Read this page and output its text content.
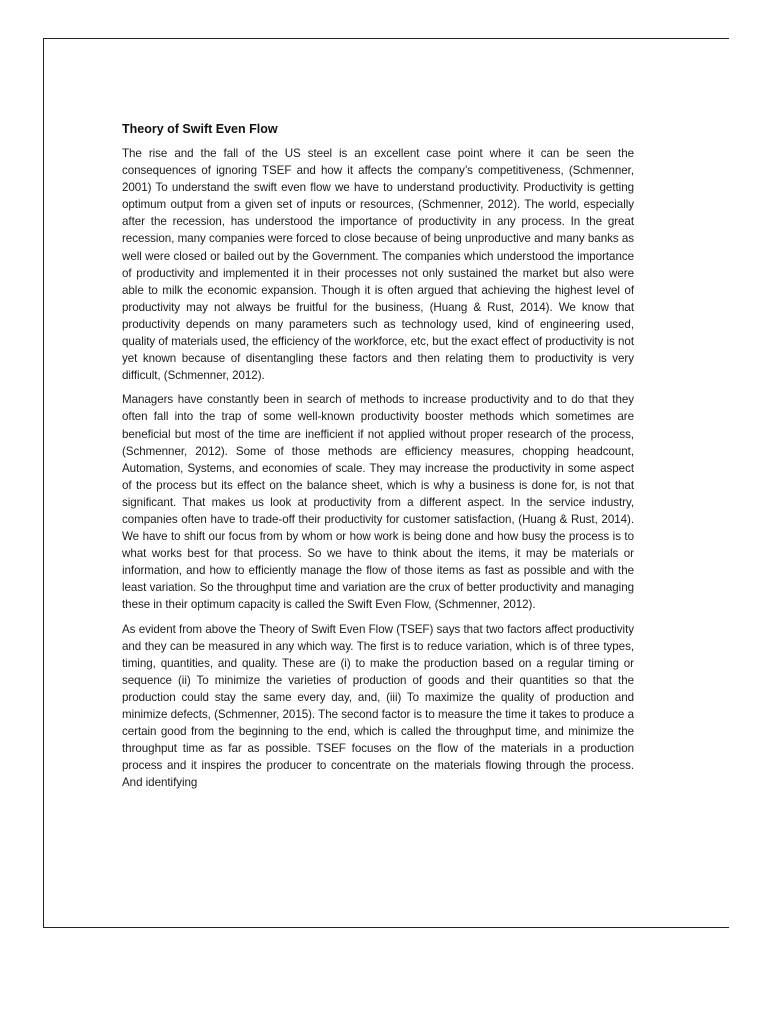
Theory of Swift Even Flow

The rise and the fall of the US steel is an excellent case point where it can be seen the consequences of ignoring TSEF and how it affects the company’s competitiveness, (Schmenner, 2001) To understand the swift even flow we have to understand productivity. Productivity is getting optimum output from a given set of inputs or resources, (Schmenner, 2012). The world, especially after the recession, has understood the importance of productivity in any process. In the great recession, many companies were forced to close because of being unproductive and many banks as well were closed or bailed out by the Government. The companies which understood the importance of productivity and implemented it in their processes not only sustained the market but also were able to milk the economic expansion. Though it is often argued that achieving the highest level of productivity may not always be fruitful for the business, (Huang & Rust, 2014). We know that productivity depends on many parameters such as technology used, kind of engineering used, quality of materials used, the efficiency of the workforce, etc, but the exact effect of productivity is not yet known because of disentangling these factors and then relating them to productivity is very difficult, (Schmenner, 2012).

Managers have constantly been in search of methods to increase productivity and to do that they often fall into the trap of some well-known productivity booster methods which sometimes are beneficial but most of the time are inefficient if not applied without proper research of the process, (Schmenner, 2012). Some of those methods are efficiency measures, chopping headcount, Automation, Systems, and economies of scale. They may increase the productivity in some aspect of the process but its effect on the balance sheet, which is why a business is done for, is not that significant. That makes us look at productivity from a different aspect. In the service industry, companies often have to trade-off their productivity for customer satisfaction, (Huang & Rust, 2014). We have to shift our focus from by whom or how work is being done and how busy the process is to what works best for that process. So we have to think about the items, it may be materials or information, and how to efficiently manage the flow of those items as fast as possible and with the least variation. So the throughput time and variation are the crux of better productivity and managing these in their optimum capacity is called the Swift Even Flow, (Schmenner, 2012).

As evident from above the Theory of Swift Even Flow (TSEF) says that two factors affect productivity and they can be measured in any which way. The first is to reduce variation, which is of three types, timing, quantities, and quality. These are (i) to make the production based on a regular timing or sequence (ii) To minimize the varieties of production of goods and their quantities so that the production could stay the same every day, and, (iii) To maximize the quality of production and minimize defects, (Schmenner, 2015). The second factor is to measure the time it takes to produce a certain good from the beginning to the end, which is called the throughput time, and minimize the throughput time as far as possible. TSEF focuses on the flow of the materials in a production process and it inspires the producer to concentrate on the materials flowing through the process. And identifying
